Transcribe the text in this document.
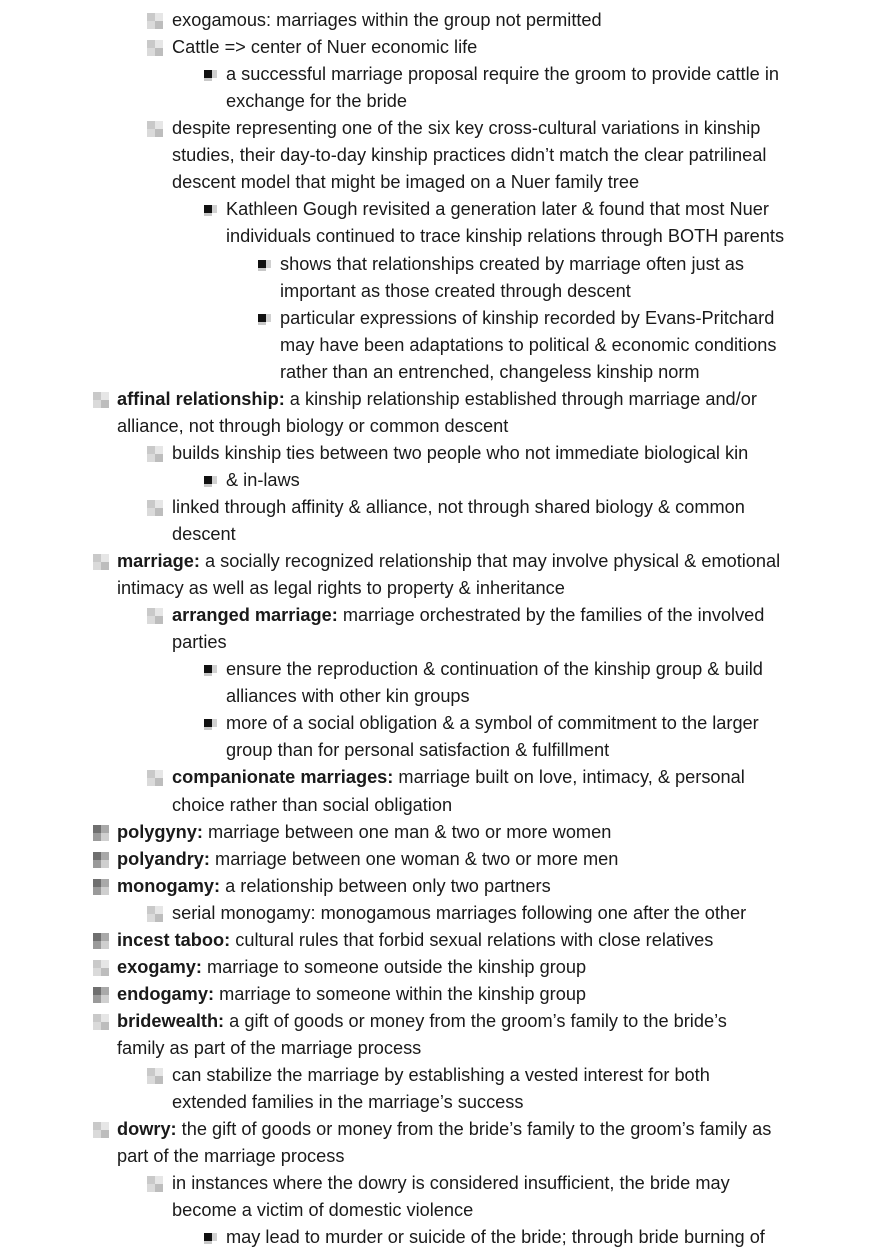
exogamous: marriages within the group not permitted
Cattle => center of Nuer economic life
a successful marriage proposal require the groom to provide cattle in
exchange for the bride
despite representing one of the six key cross-cultural variations in kinship
studies, their day-to-day kinship practices didn’t match the clear patrilineal
descent model that might be imaged on a Nuer family tree
Kathleen Gough revisited a generation later & found that most Nuer
individuals continued to trace kinship relations through BOTH parents
shows that relationships created by marriage often just as
important as those created through descent
particular expressions of kinship recorded by Evans-Pritchard
may have been adaptations to political & economic conditions
rather than an entrenched, changeless kinship norm
affinal relationship: a kinship relationship established through marriage and/or
alliance, not through biology or common descent
builds kinship ties between two people who not immediate biological kin
& in-laws
linked through affinity & alliance, not through shared biology & common
descent
marriage: a socially recognized relationship that may involve physical & emotional
intimacy as well as legal rights to property & inheritance
arranged marriage: marriage orchestrated by the families of the involved
parties
ensure the reproduction & continuation of the kinship group & build
alliances with other kin groups
more of a social obligation & a symbol of commitment to the larger
group than for personal satisfaction & fulfillment
companionate marriages: marriage built on love, intimacy, & personal
choice rather than social obligation
polygyny: marriage between one man & two or more women
polyandry: marriage between one woman & two or more men
monogamy: a relationship between only two partners
serial monogamy: monogamous marriages following one after the other
incest taboo: cultural rules that forbid sexual relations with close relatives
exogamy: marriage to someone outside the kinship group
endogamy: marriage to someone within the kinship group
bridewealth: a gift of goods or money from the groom’s family to the bride’s
family as part of the marriage process
can stabilize the marriage by establishing a vested interest for both
extended families in the marriage’s success
dowry: the gift of goods or money from the bride’s family to the groom’s family as
part of the marriage process
in instances where the dowry is considered insufficient, the bride may
become a victim of domestic violence
may lead to murder or suicide of the bride; through bride burning of
